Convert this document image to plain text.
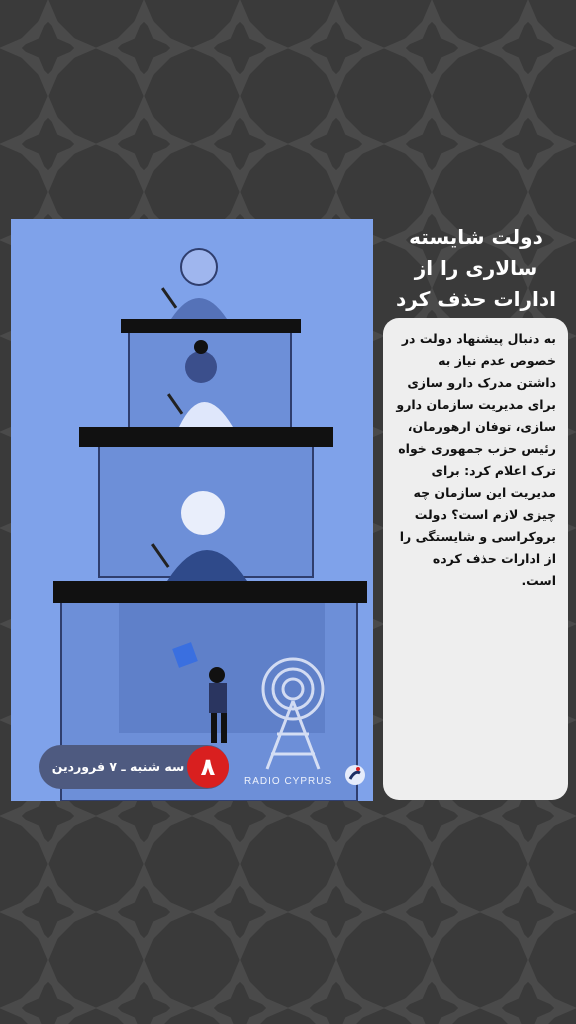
سه شنبه ـ ۷ فروردین ۸
RADIO CYPRUS
دولت شایسته سالاری را از ادارات حذف کرد
به دنبال پیشنهاد دولت در خصوص عدم نیاز به داشتن مدرک دارو سازی برای مدیریت سازمان دارو سازی، توفان ارهورمان، رئیس حزب جمهوری خواه ترک اعلام کرد: برای مدیریت این سازمان چه چیزی لازم است؟ دولت بروکراسی و شایستگی را از ادارات حذف کرده است.
